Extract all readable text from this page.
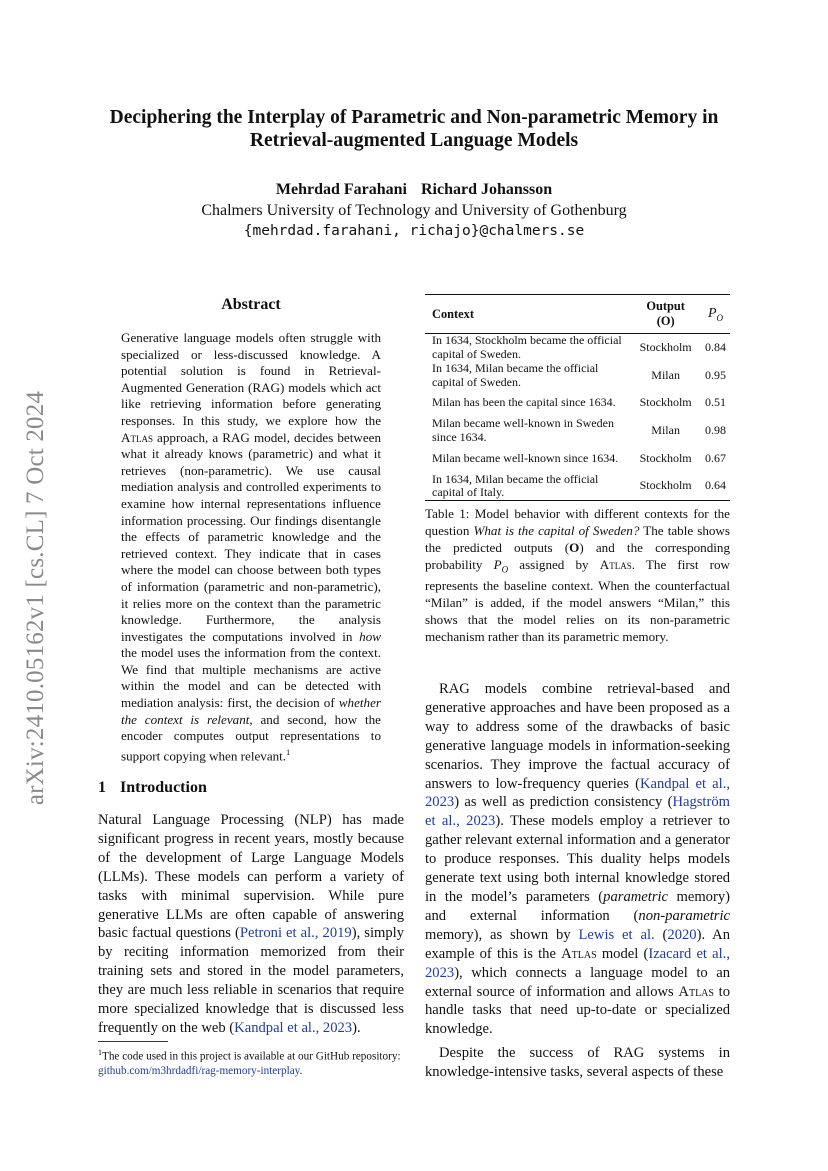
arXiv:2410.05162v1 [cs.CL] 7 Oct 2024
Deciphering the Interplay of Parametric and Non-parametric Memory in Retrieval-augmented Language Models
Mehrdad Farahani Richard Johansson
Chalmers University of Technology and University of Gothenburg
{mehrdad.farahani, richajo}@chalmers.se
Abstract
Generative language models often struggle with specialized or less-discussed knowledge. A potential solution is found in Retrieval-Augmented Generation (RAG) models which act like retrieving information before generating responses. In this study, we explore how the Atlas approach, a RAG model, decides between what it already knows (parametric) and what it retrieves (non-parametric). We use causal mediation analysis and controlled experiments to examine how internal representations influence information processing. Our findings disentangle the effects of parametric knowledge and the retrieved context. They indicate that in cases where the model can choose between both types of information (parametric and non-parametric), it relies more on the context than the parametric knowledge. Furthermore, the analysis investigates the computations involved in how the model uses the information from the context. We find that multiple mechanisms are active within the model and can be detected with mediation analysis: first, the decision of whether the context is relevant, and second, how the encoder computes output representations to support copying when relevant.$^1$
1 Introduction

Natural Language Processing (NLP) has made significant progress in recent years, mostly because of the development of Large Language Models (LLMs). These models can perform a variety of tasks with minimal supervision. While pure generative LLMs are often capable of answering basic factual questions (Petroni et al., 2019), simply by reciting information memorized from their training sets and stored in the model parameters, they are much less reliable in scenarios that require more specialized knowledge that is discussed less frequently on the web (Kandpal et al., 2023).

$^1$The code used in this project is available at our GitHub repository: github.com/m3hrdadfi/rag-memory-interplay.
Context	Output (O)	$P_O$
In 1634, Stockholm became the official capital of Sweden.	Stockholm	0.84
In 1634, Milan became the official capital of Sweden.	Milan	0.95
Milan has been the capital since 1634.	Stockholm	0.51
Milan became well-known in Sweden since 1634.	Milan	0.98
Milan became well-known since 1634.	Stockholm	0.67
In 1634, Milan became the official capital of Italy.	Stockholm	0.64
Table 1: Model behavior with different contexts for the question What is the capital of Sweden? The table shows the predicted outputs (O) and the corresponding probability $P_O$ assigned by Atlas. The first row represents the baseline context. When the counterfactual “Milan” is added, if the model answers “Milan,” this shows that the model relies on its non-parametric mechanism rather than its parametric memory.

RAG models combine retrieval-based and generative approaches and have been proposed as a way to address some of the drawbacks of basic generative language models in information-seeking scenarios. They improve the factual accuracy of answers to low-frequency queries (Kandpal et al., 2023) as well as prediction consistency (Hagström et al., 2023). These models employ a retriever to gather relevant external information and a generator to produce responses. This duality helps models generate text using both internal knowledge stored in the model’s parameters (parametric memory) and external information (non-parametric memory), as shown by Lewis et al. (2020). An example of this is the Atlas model (Izacard et al., 2023), which connects a language model to an external source of information and allows Atlas to handle tasks that need up-to-date or specialized knowledge.

Despite the success of RAG systems in knowledge-intensive tasks, several aspects of these
